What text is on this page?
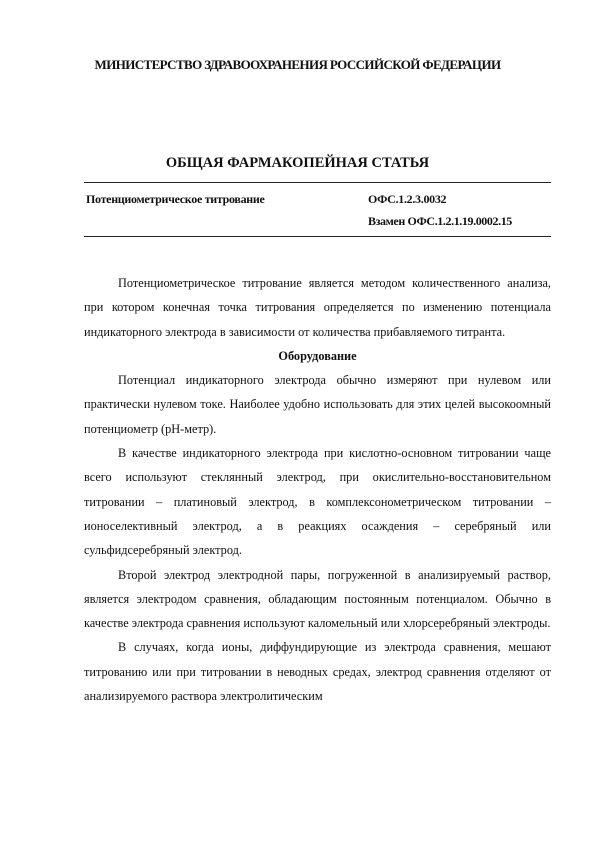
МИНИСТЕРСТВО ЗДРАВООХРАНЕНИЯ РОССИЙСКОЙ ФЕДЕРАЦИИ
ОБЩАЯ ФАРМАКОПЕЙНАЯ СТАТЬЯ
Потенциометрическое титрование	ОФС.1.2.3.0032
Взамен ОФС.1.2.1.19.0002.15

Потенциометрическое титрование является методом количественного анализа, при котором конечная точка титрования определяется по изменению потенциала индикаторного электрода в зависимости от количества прибавляемого титранта.

Оборудование

Потенциал индикаторного электрода обычно измеряют при нулевом или практически нулевом токе. Наиболее удобно использовать для этих целей высокоомный потенциометр (pH-метр).

В качестве индикаторного электрода при кислотно-основном титровании чаще всего используют стеклянный электрод, при окислительно-восстановительном титровании – платиновый электрод, в комплексонометрическом титровании – ионоселективный электрод, а в реакциях осаждения – серебряный или сульфидсеребряный электрод.

Второй электрод электродной пары, погруженной в анализируемый раствор, является электродом сравнения, обладающим постоянным потенциалом. Обычно в качестве электрода сравнения используют каломельный или хлорсеребряный электроды.

В случаях, когда ионы, диффундирующие из электрода сравнения, мешают титрованию или при титровании в неводных средах, электрод сравнения отделяют от анализируемого раствора электролитическим
